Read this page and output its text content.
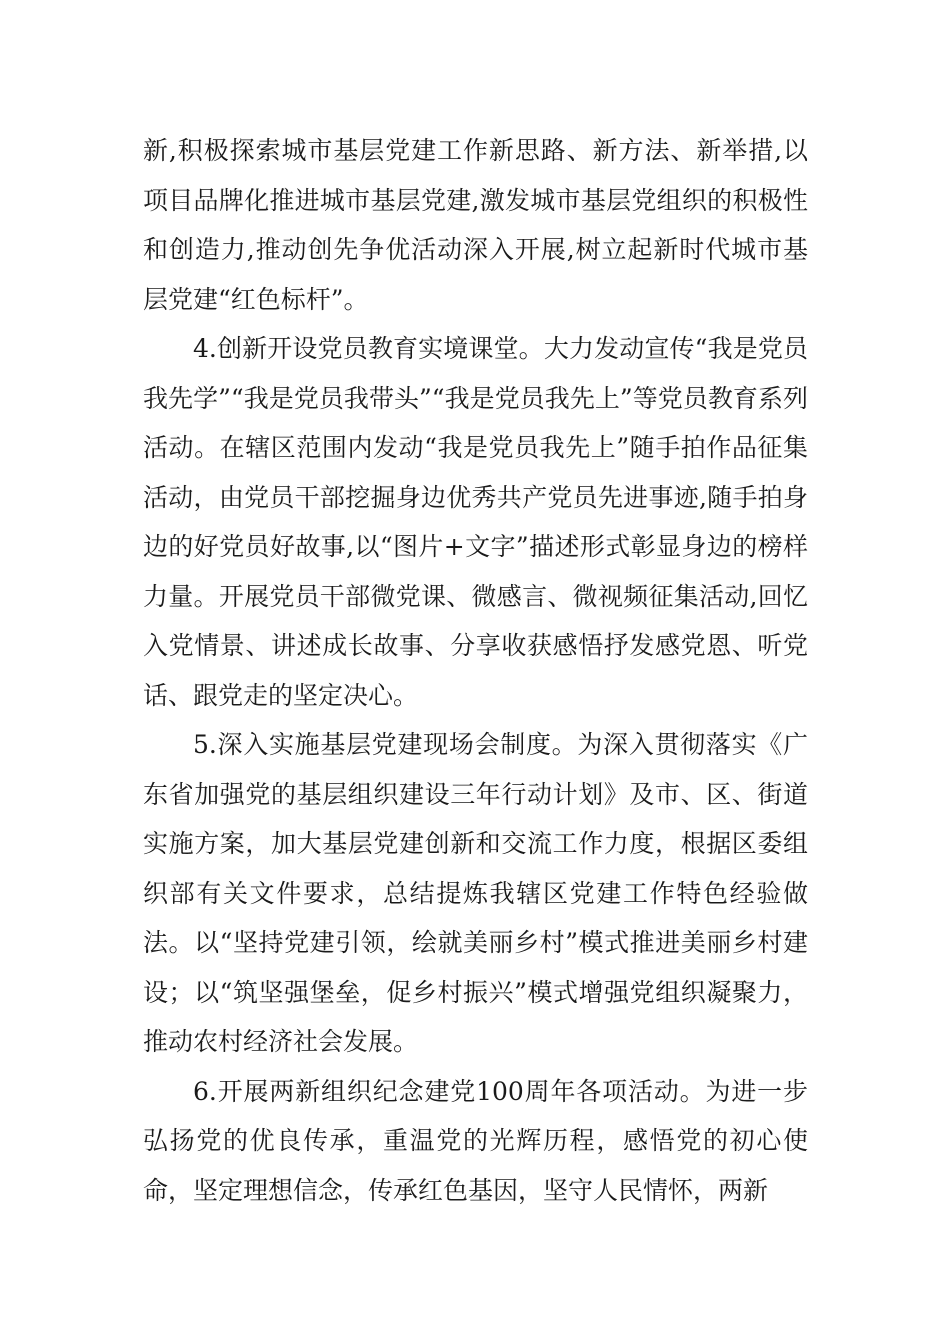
新,积极探索城市基层党建工作新思路、新方法、新举措,以项目品牌化推进城市基层党建,激发城市基层党组织的积极性和创造力,推动创先争优活动深入开展,树立起新时代城市基层党建“红色标杆”。

4.创新开设党员教育实境课堂。大力发动宣传“我是党员我先学”“我是党员我带头”“我是党员我先上”等党员教育系列活动。在辖区范围内发动“我是党员我先上”随手拍作品征集活动，由党员干部挖掘身边优秀共产党员先进事迹,随手拍身边的好党员好故事,以“图片+文字”描述形式彰显身边的榜样力量。开展党员干部微党课、微感言、微视频征集活动,回忆入党情景、讲述成长故事、分享收获感悟抒发感党恩、听党话、跟党走的坚定决心。

5.深入实施基层党建现场会制度。为深入贯彻落实《广东省加强党的基层组织建设三年行动计划》及市、区、街道实施方案，加大基层党建创新和交流工作力度，根据区委组织部有关文件要求，总结提炼我辖区党建工作特色经验做法。以“坚持党建引领，绘就美丽乡村”模式推进美丽乡村建设；以“筑坚强堡垒，促乡村振兴”模式增强党组织凝聚力，推动农村经济社会发展。

6.开展两新组织纪念建党100周年各项活动。为进一步弘扬党的优良传承，重温党的光辉历程，感悟党的初心使命，坚定理想信念，传承红色基因，坚守人民情怀，两新
